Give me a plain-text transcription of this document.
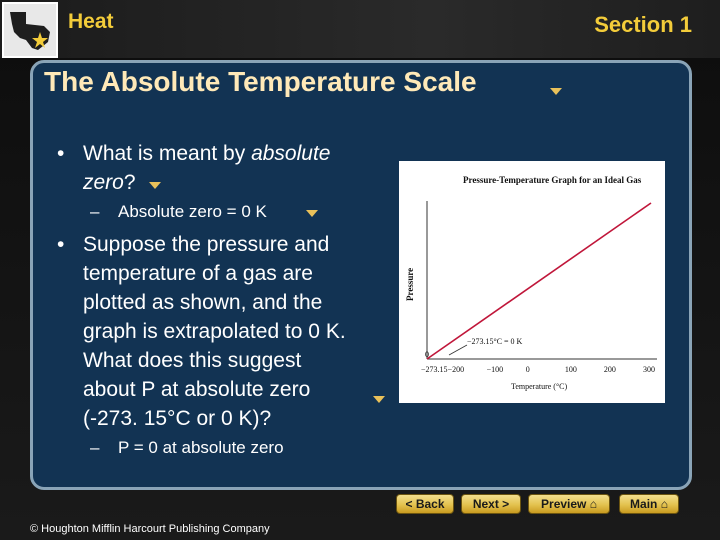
Heat	Section 1
The Absolute Temperature Scale
• What is meant by absolute
zero?
– Absolute zero = 0 K
• Suppose the pressure and
temperature of a gas are
plotted as shown, and the
graph is extrapolated to 0 K.
What does this suggest
about P at absolute zero
(-273. 15°C or 0 K)?
– P = 0 at absolute zero
Pressure-Temperature Graph for an Ideal Gas
Pressure
−273.15 −200	−100	0	100	200	300
0
−273.15°C = 0 K
Temperature (°C)
< Back	Next >	Preview ⌂	Main ⌂
© Houghton Mifflin Harcourt Publishing Company
